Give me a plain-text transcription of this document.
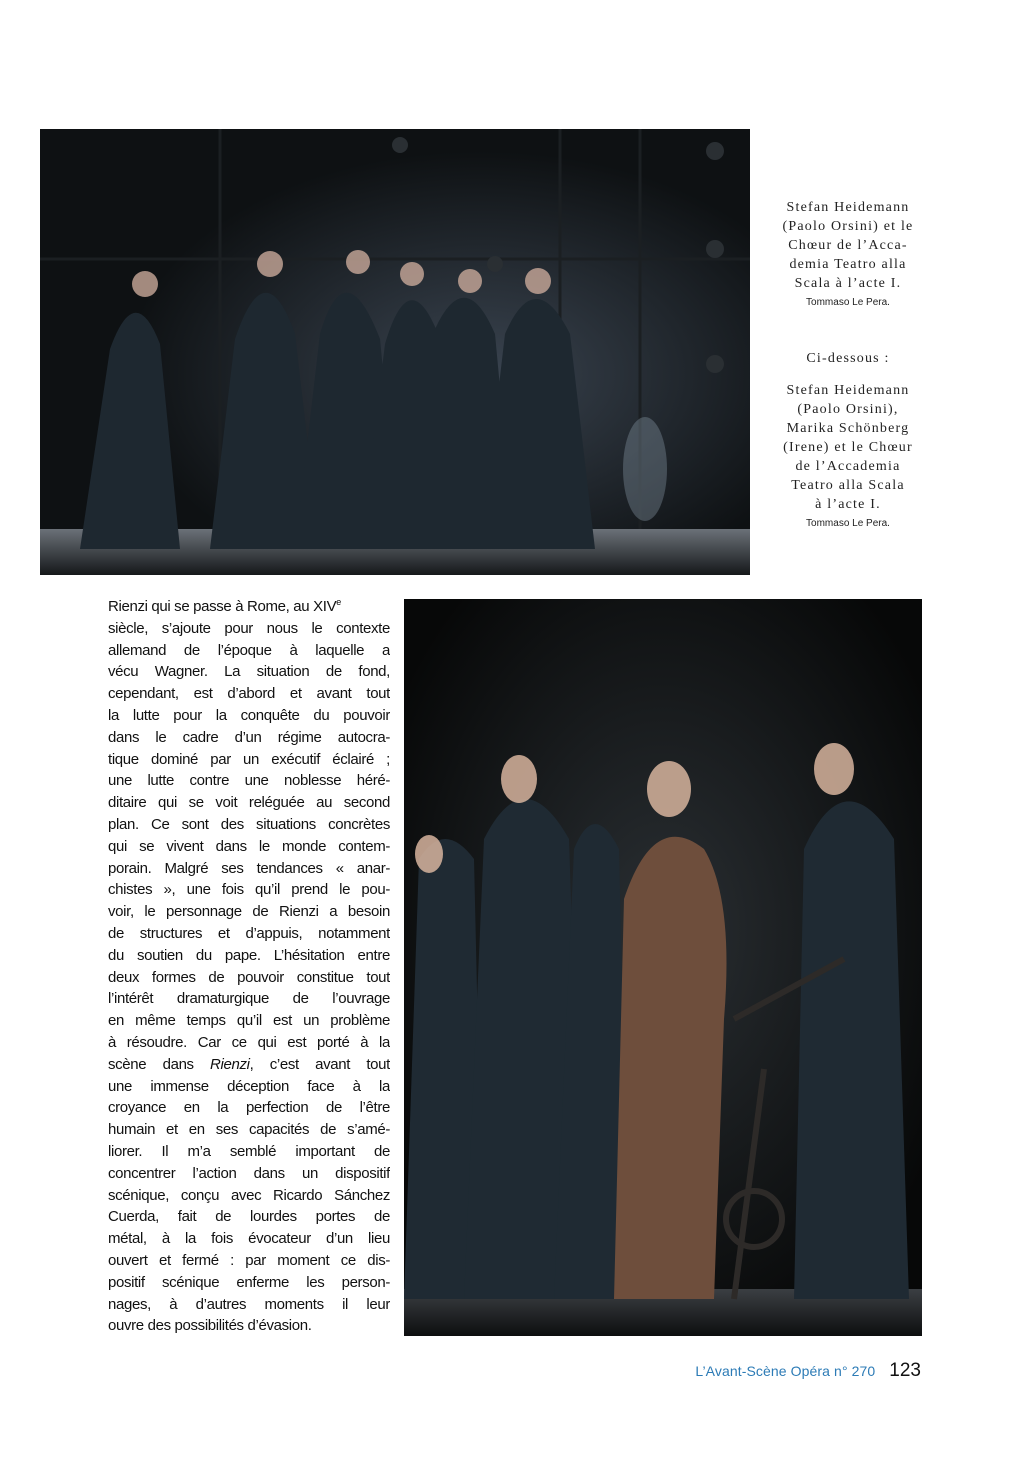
Stefan Heidemann
(Paolo Orsini) et le
Chœur de l’Acca-
demia Teatro alla
Scala à l’acte I.
Tommaso Le Pera.
Ci-dessous :
Stefan Heidemann
(Paolo Orsini),
Marika Schönberg
(Irene) et le Chœur
de l’Accademia
Teatro alla Scala
à l’acte I.
Tommaso Le Pera.

Rienzi qui se passe à Rome, au XIVe
siècle, s’ajoute pour nous le contexte
allemand de l’époque à laquelle a
vécu Wagner. La situation de fond,
cependant, est d’abord et avant tout
la lutte pour la conquête du pouvoir
dans le cadre d’un régime autocra-
tique dominé par un exécutif éclairé ;
une lutte contre une noblesse héré-
ditaire qui se voit reléguée au second
plan. Ce sont des situations concrètes
qui se vivent dans le monde contem-
porain. Malgré ses tendances « anar-
chistes », une fois qu’il prend le pou-
voir, le personnage de Rienzi a besoin
de structures et d’appuis, notamment
du soutien du pape. L’hésitation entre
deux formes de pouvoir constitue tout
l’intérêt dramaturgique de l’ouvrage
en même temps qu’il est un problème
à résoudre. Car ce qui est porté à la
scène dans Rienzi, c’est avant tout
une immense déception face à la
croyance en la perfection de l’être
humain et en ses capacités de s’amé-
liorer. Il m’a semblé important de
concentrer l’action dans un dispositif
scénique, conçu avec Ricardo Sánchez
Cuerda, fait de lourdes portes de
métal, à la fois évocateur d’un lieu
ouvert et fermé : par moment ce dis-
positif scénique enferme les person-
nages, à d’autres moments il leur
ouvre des possibilités d’évasion.

L’Avant-Scène Opéra n° 270 123
